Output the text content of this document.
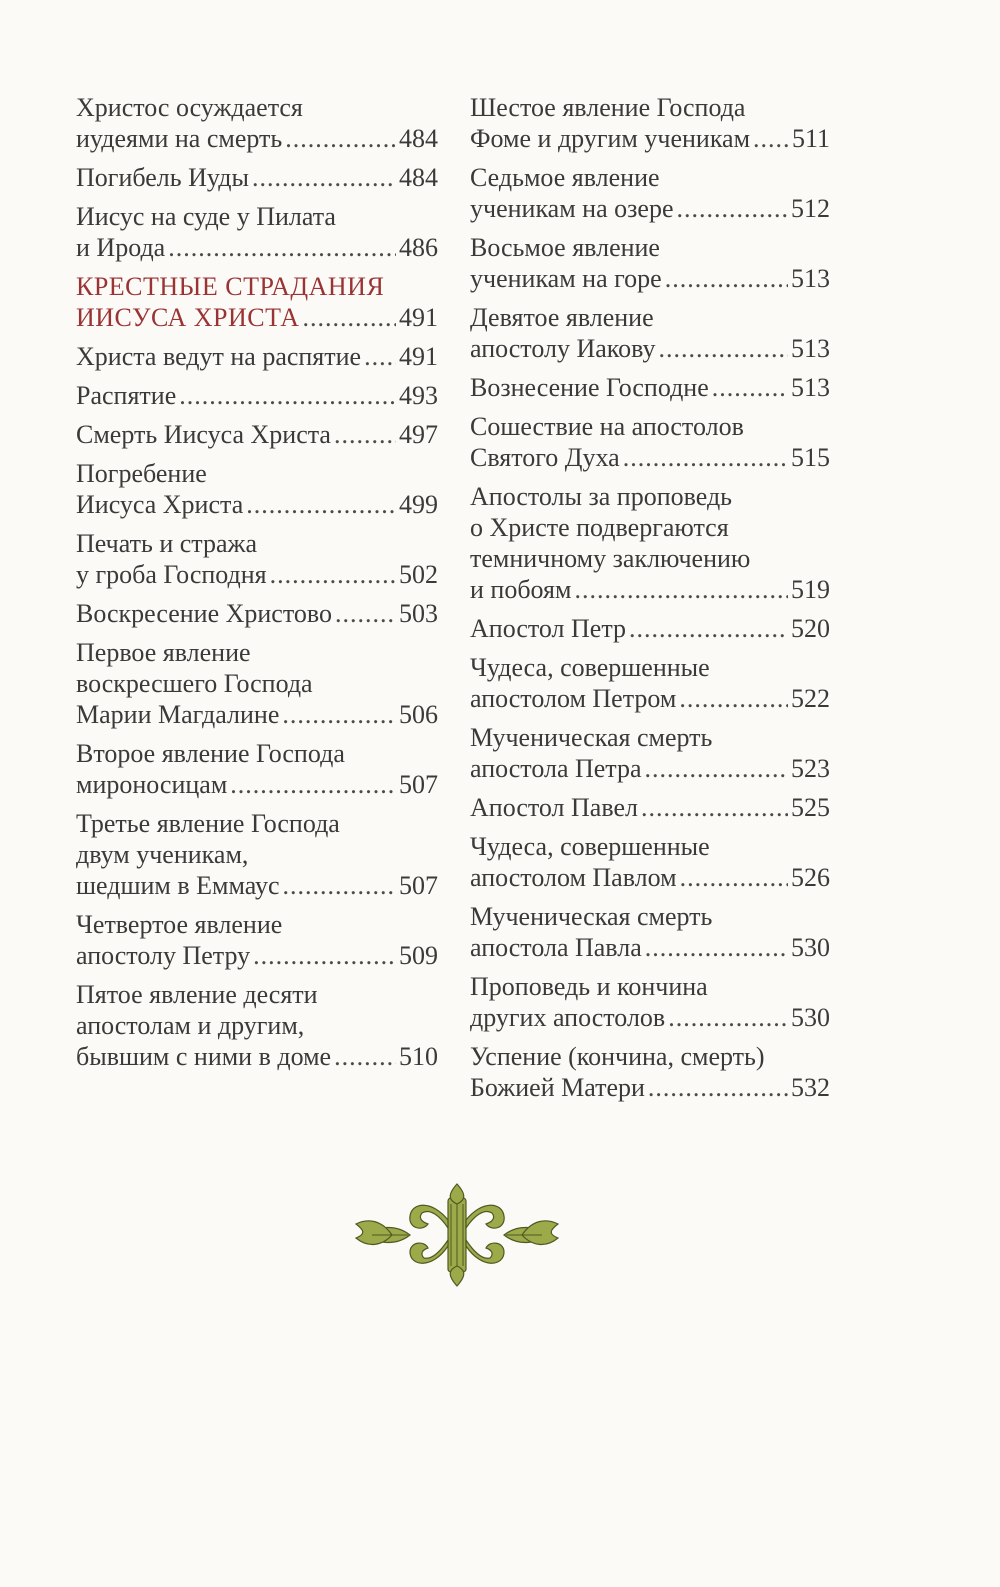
Христос осуждается
иудеями на смерть .....	484
Погибель Иуды .....	484
Иисус на суде у Пилата
и Ирода .....	486
КРЕСТНЫЕ СТРАДАНИЯ
ИИСУСА ХРИСТА .....	491
Христа ведут на распятие ..... 491
Распятие .....	493
Смерть Иисуса Христа .....	497
Погребение
Иисуса Христа .....	499
Печать и стража
у гроба Господня .....	502
Воскресение Христово .....	503
Первое явление
воскресшего Господа
Марии Магдалине .....	506
Второе явление Господа
мироносицам .....	507
Третье явление Господа
двум ученикам,
шедшим в Еммаус .....	507
Четвертое явление
апостолу Петру .....	509
Пятое явление десяти
апостолам и другим,
бывшим с ними в доме .....	510
Шестое явление Господа
Фоме и другим ученикам ..... 511
Седьмое явление
ученикам на озере .....	512
Восьмое явление
ученикам на горе .....	513
Девятое явление
апостолу Иакову .....	513
Вознесение Господне .....	513
Сошествие на апостолов
Святого Духа .....	515
Апостолы за проповедь
о Христе подвергаются
темничному заключению
и побоям .....	519
Апостол Петр .....	520
Чудеса, совершенные
апостолом Петром .....	522
Мученическая смерть
апостола Петра .....	523
Апостол Павел .....	525
Чудеса, совершенные
апостолом Павлом .....	526
Мученическая смерть
апостола Павла .....	530
Проповедь и кончина
других апостолов .....	530
Успение (кончина, смерть)
Божией Матери .....	532
